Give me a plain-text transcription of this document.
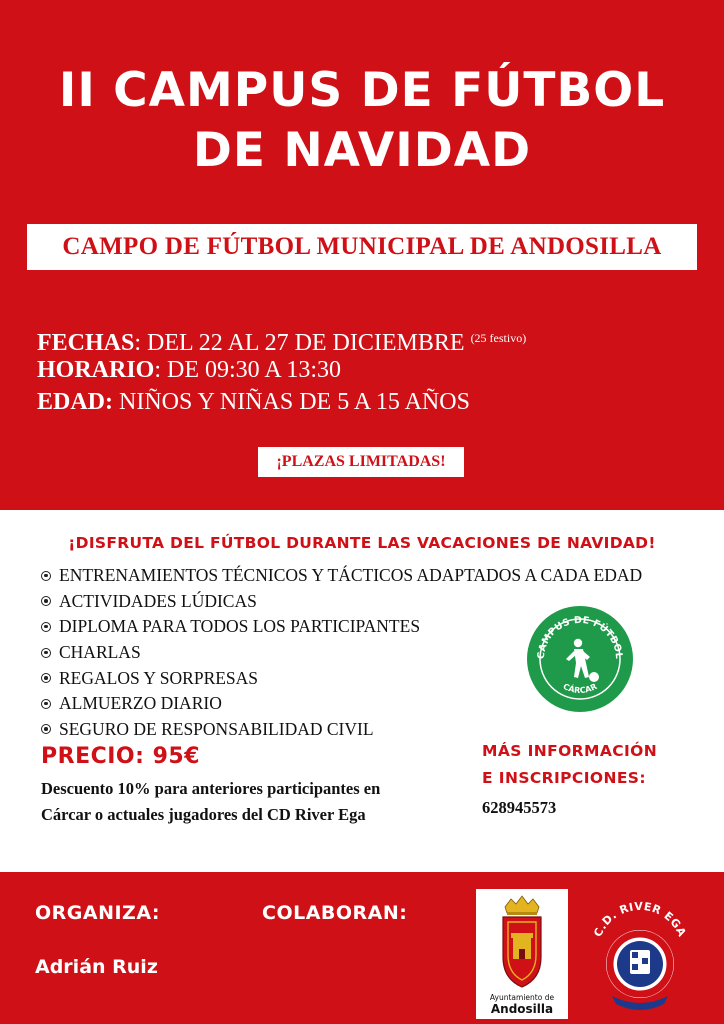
II CAMPUS DE FÚTBOL
DE NAVIDAD
CAMPO DE FÚTBOL MUNICIPAL DE ANDOSILLA
FECHAS: DEL 22 AL 27 DE DICIEMBRE $^{(25 festivo)}$
HORARIO: DE 09:30 A 13:30
EDAD: NIÑOS Y NIÑAS DE 5 A 15 AÑOS
¡PLAZAS LIMITADAS!
¡DISFRUTA DEL FÚTBOL DURANTE LAS VACACIONES DE NAVIDAD!
ENTRENAMIENTOS TÉCNICOS Y TÁCTICOS ADAPTADOS A CADA EDAD
ACTIVIDADES LÚDICAS
DIPLOMA PARA TODOS LOS PARTICIPANTES
CHARLAS
REGALOS Y SORPRESAS
ALMUERZO DIARIO
SEGURO DE RESPONSABILIDAD CIVIL
PRECIO: 95€
Descuento 10% para anteriores participantes en Cárcar o actuales jugadores del CD River Ega
CAMPUS DE FÚTBOL
CÁRCAR
MÁS INFORMACIÓN
E INSCRIPCIONES:
628945573
ORGANIZA:	COLABORAN:
Adrián Ruiz
Ayuntamiento de
Andosilla
C.D. RIVER EGA
